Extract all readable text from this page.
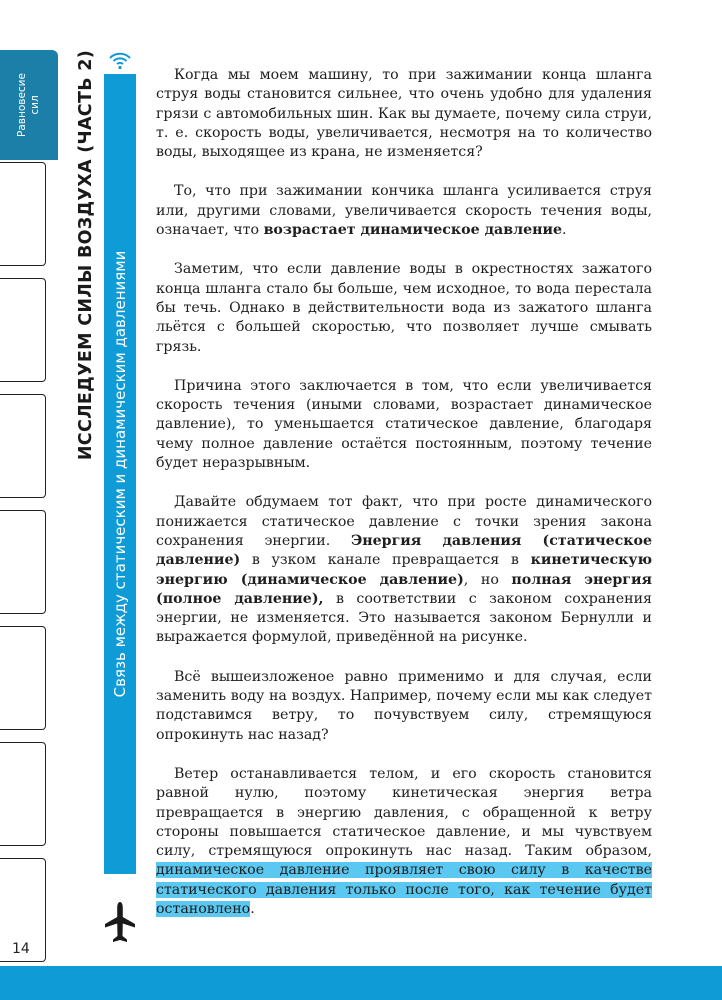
Равновесие сил ИССЛЕДУЕМ СИЛЫ ВОЗДУХА (ЧАСТЬ 2)	Связь между статическим и динамическим давлениями
14

Когда мы моем машину, то при зажимании конца шланга струя воды становится сильнее, что очень удобно для удаления грязи с автомобильных шин. Как вы думаете, почему сила струи, т. е. скорость воды, увеличивается, несмотря на то количество воды, выходящее из крана, не изменяется?

То, что при зажимании кончика шланга усиливается струя или, другими словами, увеличивается скорость течения воды, означает, что возрастает динамическое давление.

Заметим, что если давление воды в окрестностях зажатого конца шланга стало бы больше, чем исходное, то вода перестала бы течь. Однако в действительности вода из зажатого шланга льётся с большей скоростью, что позволяет лучше смывать грязь.

Причина этого заключается в том, что если увеличивается скорость течения (иными словами, возрастает динамическое давление), то уменьшается статическое давление, благодаря чему полное давление остаётся постоянным, поэтому течение будет неразрывным.

Давайте обдумаем тот факт, что при росте динамического понижается статическое давление с точки зрения закона сохранения энергии. Энергия давления (статическое давление) в узком канале превращается в кинетическую энергию (динамическое давление), но полная энергия (полное давление), в соответствии с законом сохранения энергии, не изменяется. Это называется законом Бернулли и выражается формулой, приведённой на рисунке.

Всё вышеизложеное равно применимо и для случая, если заменить воду на воздух. Например, почему если мы как следует подставимся ветру, то почувствуем силу, стремящуюся опрокинуть нас назад?

Ветер останавливается телом, и его скорость становится равной нулю, поэтому кинетическая энергия ветра превращается в энергию давления, с обращенной к ветру стороны повышается статическое давление, и мы чувствуем силу, стремящуюся опрокинуть нас назад. Таким образом, динамическое давление проявляет свою силу в качестве статического давления только после того, как течение будет остановлено.
